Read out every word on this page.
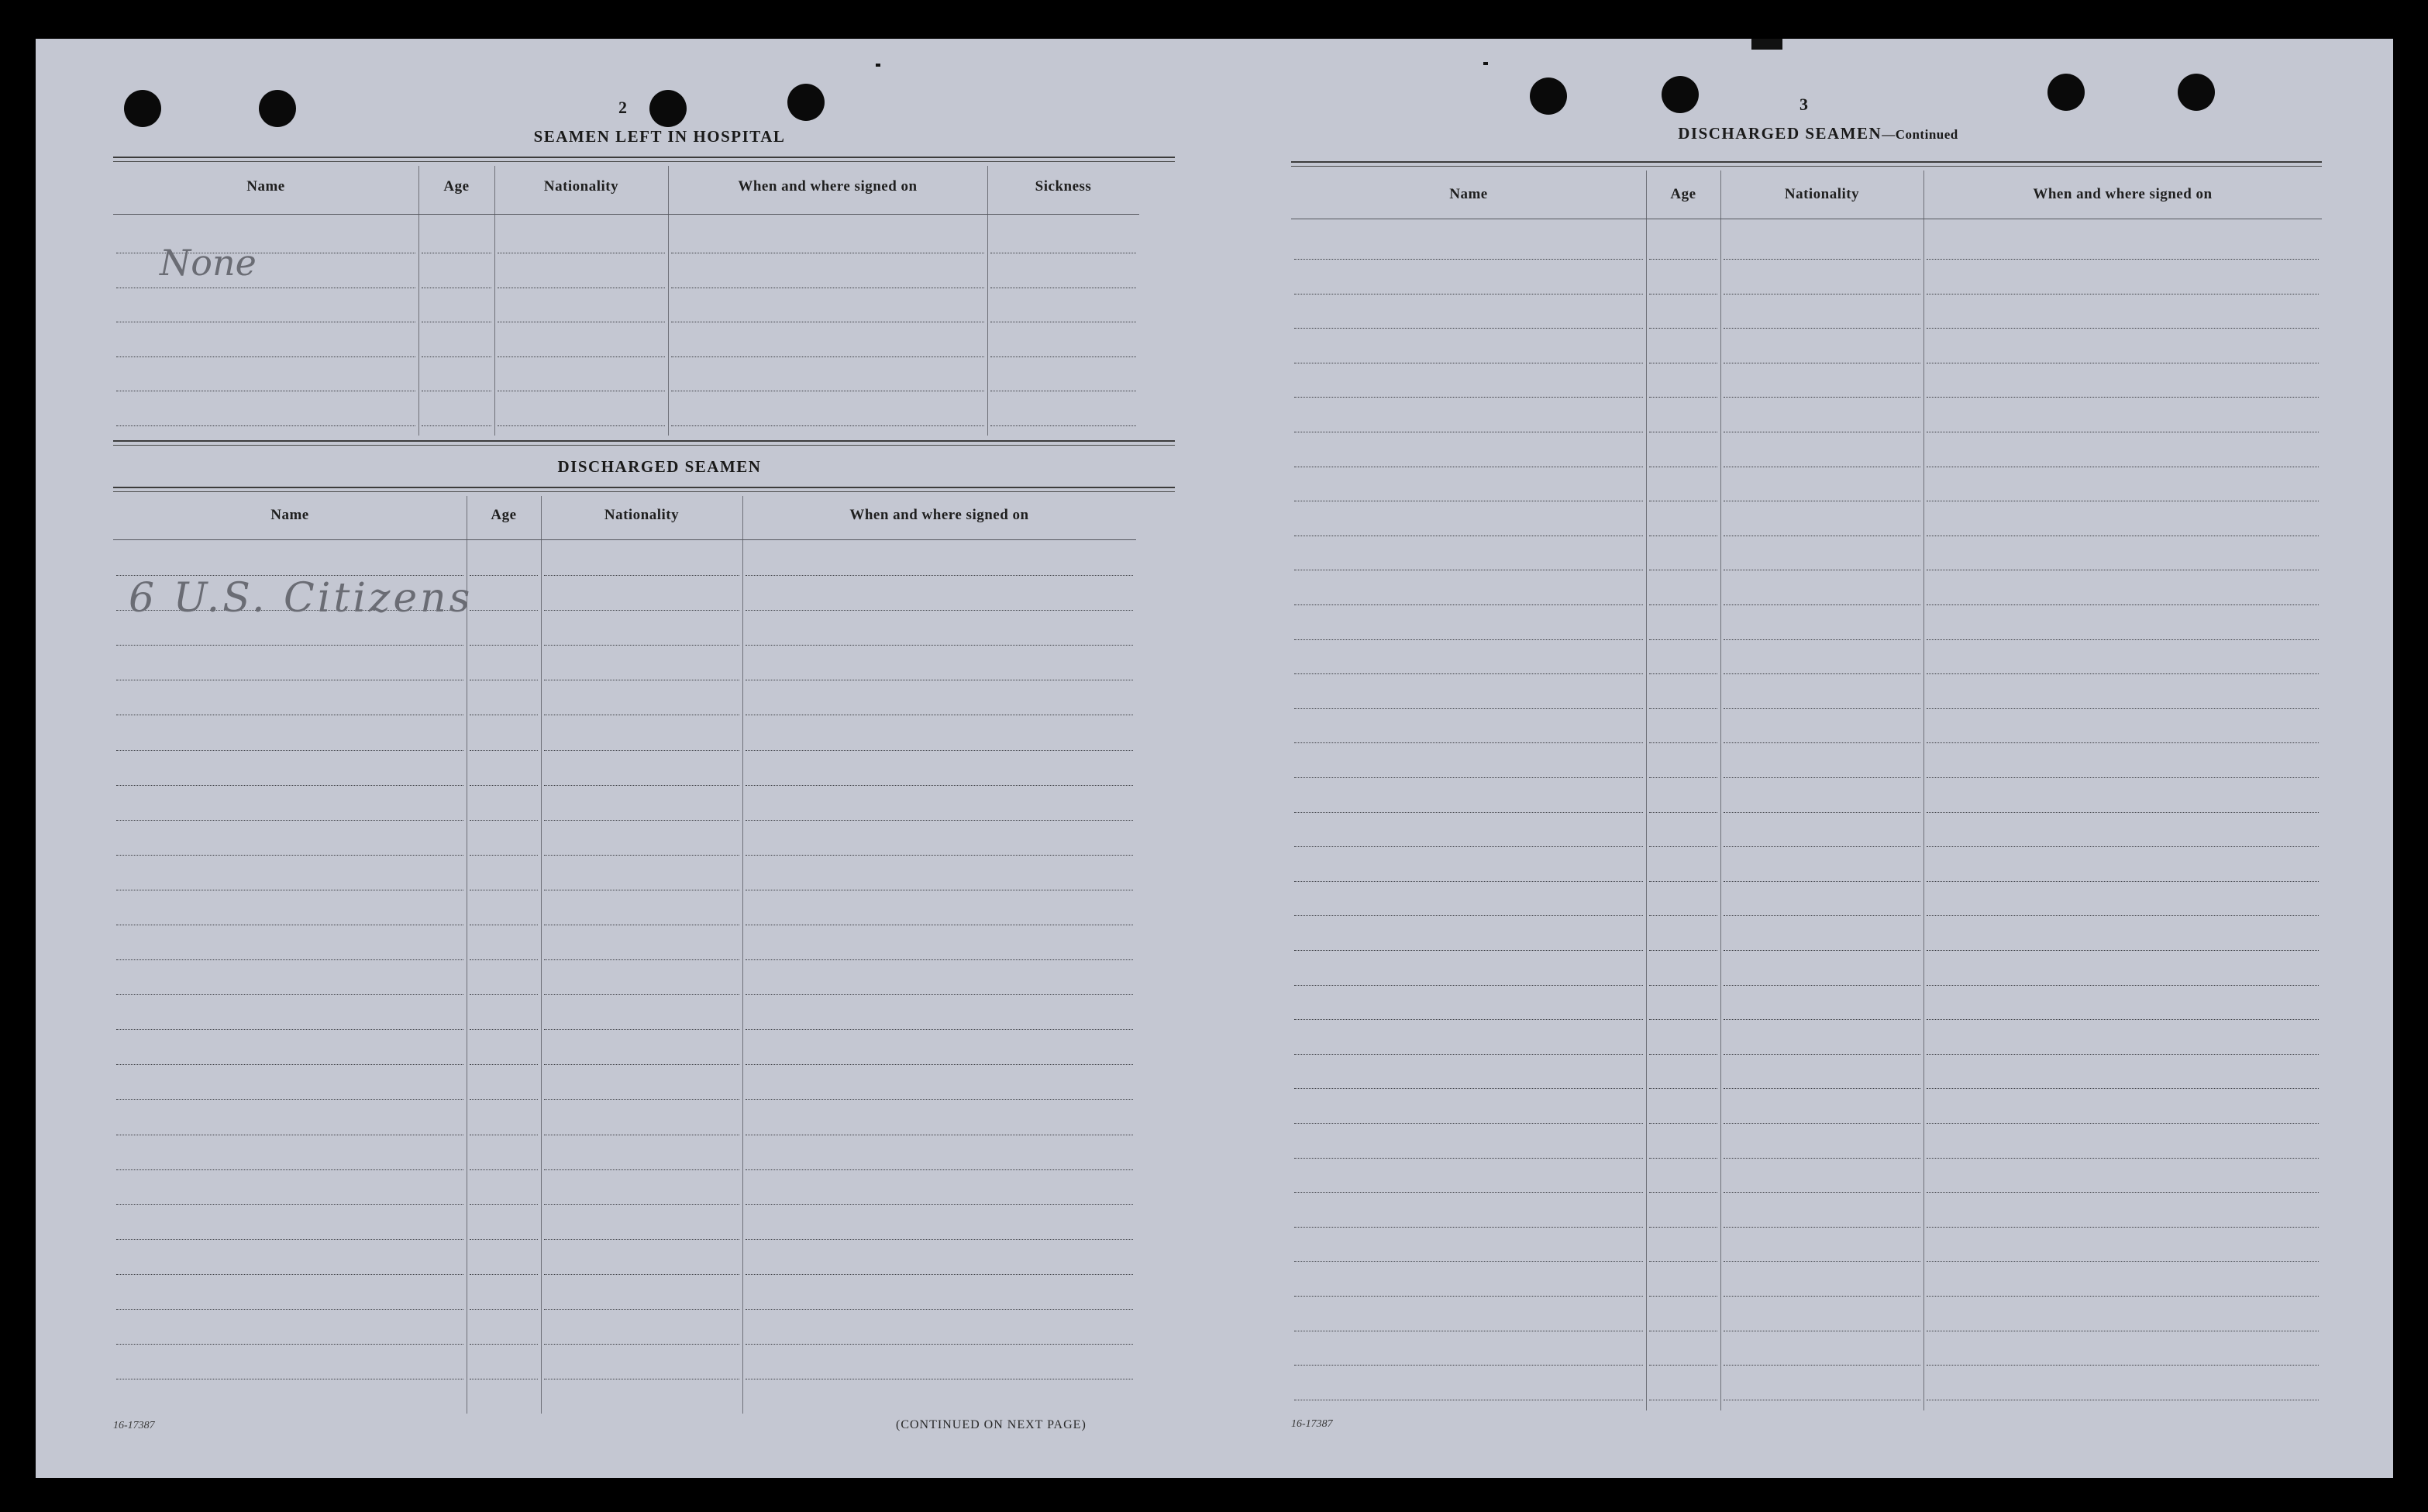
2
SEAMEN LEFT IN HOSPITAL
Name	Age	Nationality	When and where signed on	Sickness
DISCHARGED SEAMEN
Name	Age	Nationality	When and where signed on
16-17387	(CONTINUED ON NEXT PAGE)
3
DISCHARGED SEAMEN—Continued
Name	Age	Nationality	When and where signed on
16-17387
None
6 U.S. Citizens
